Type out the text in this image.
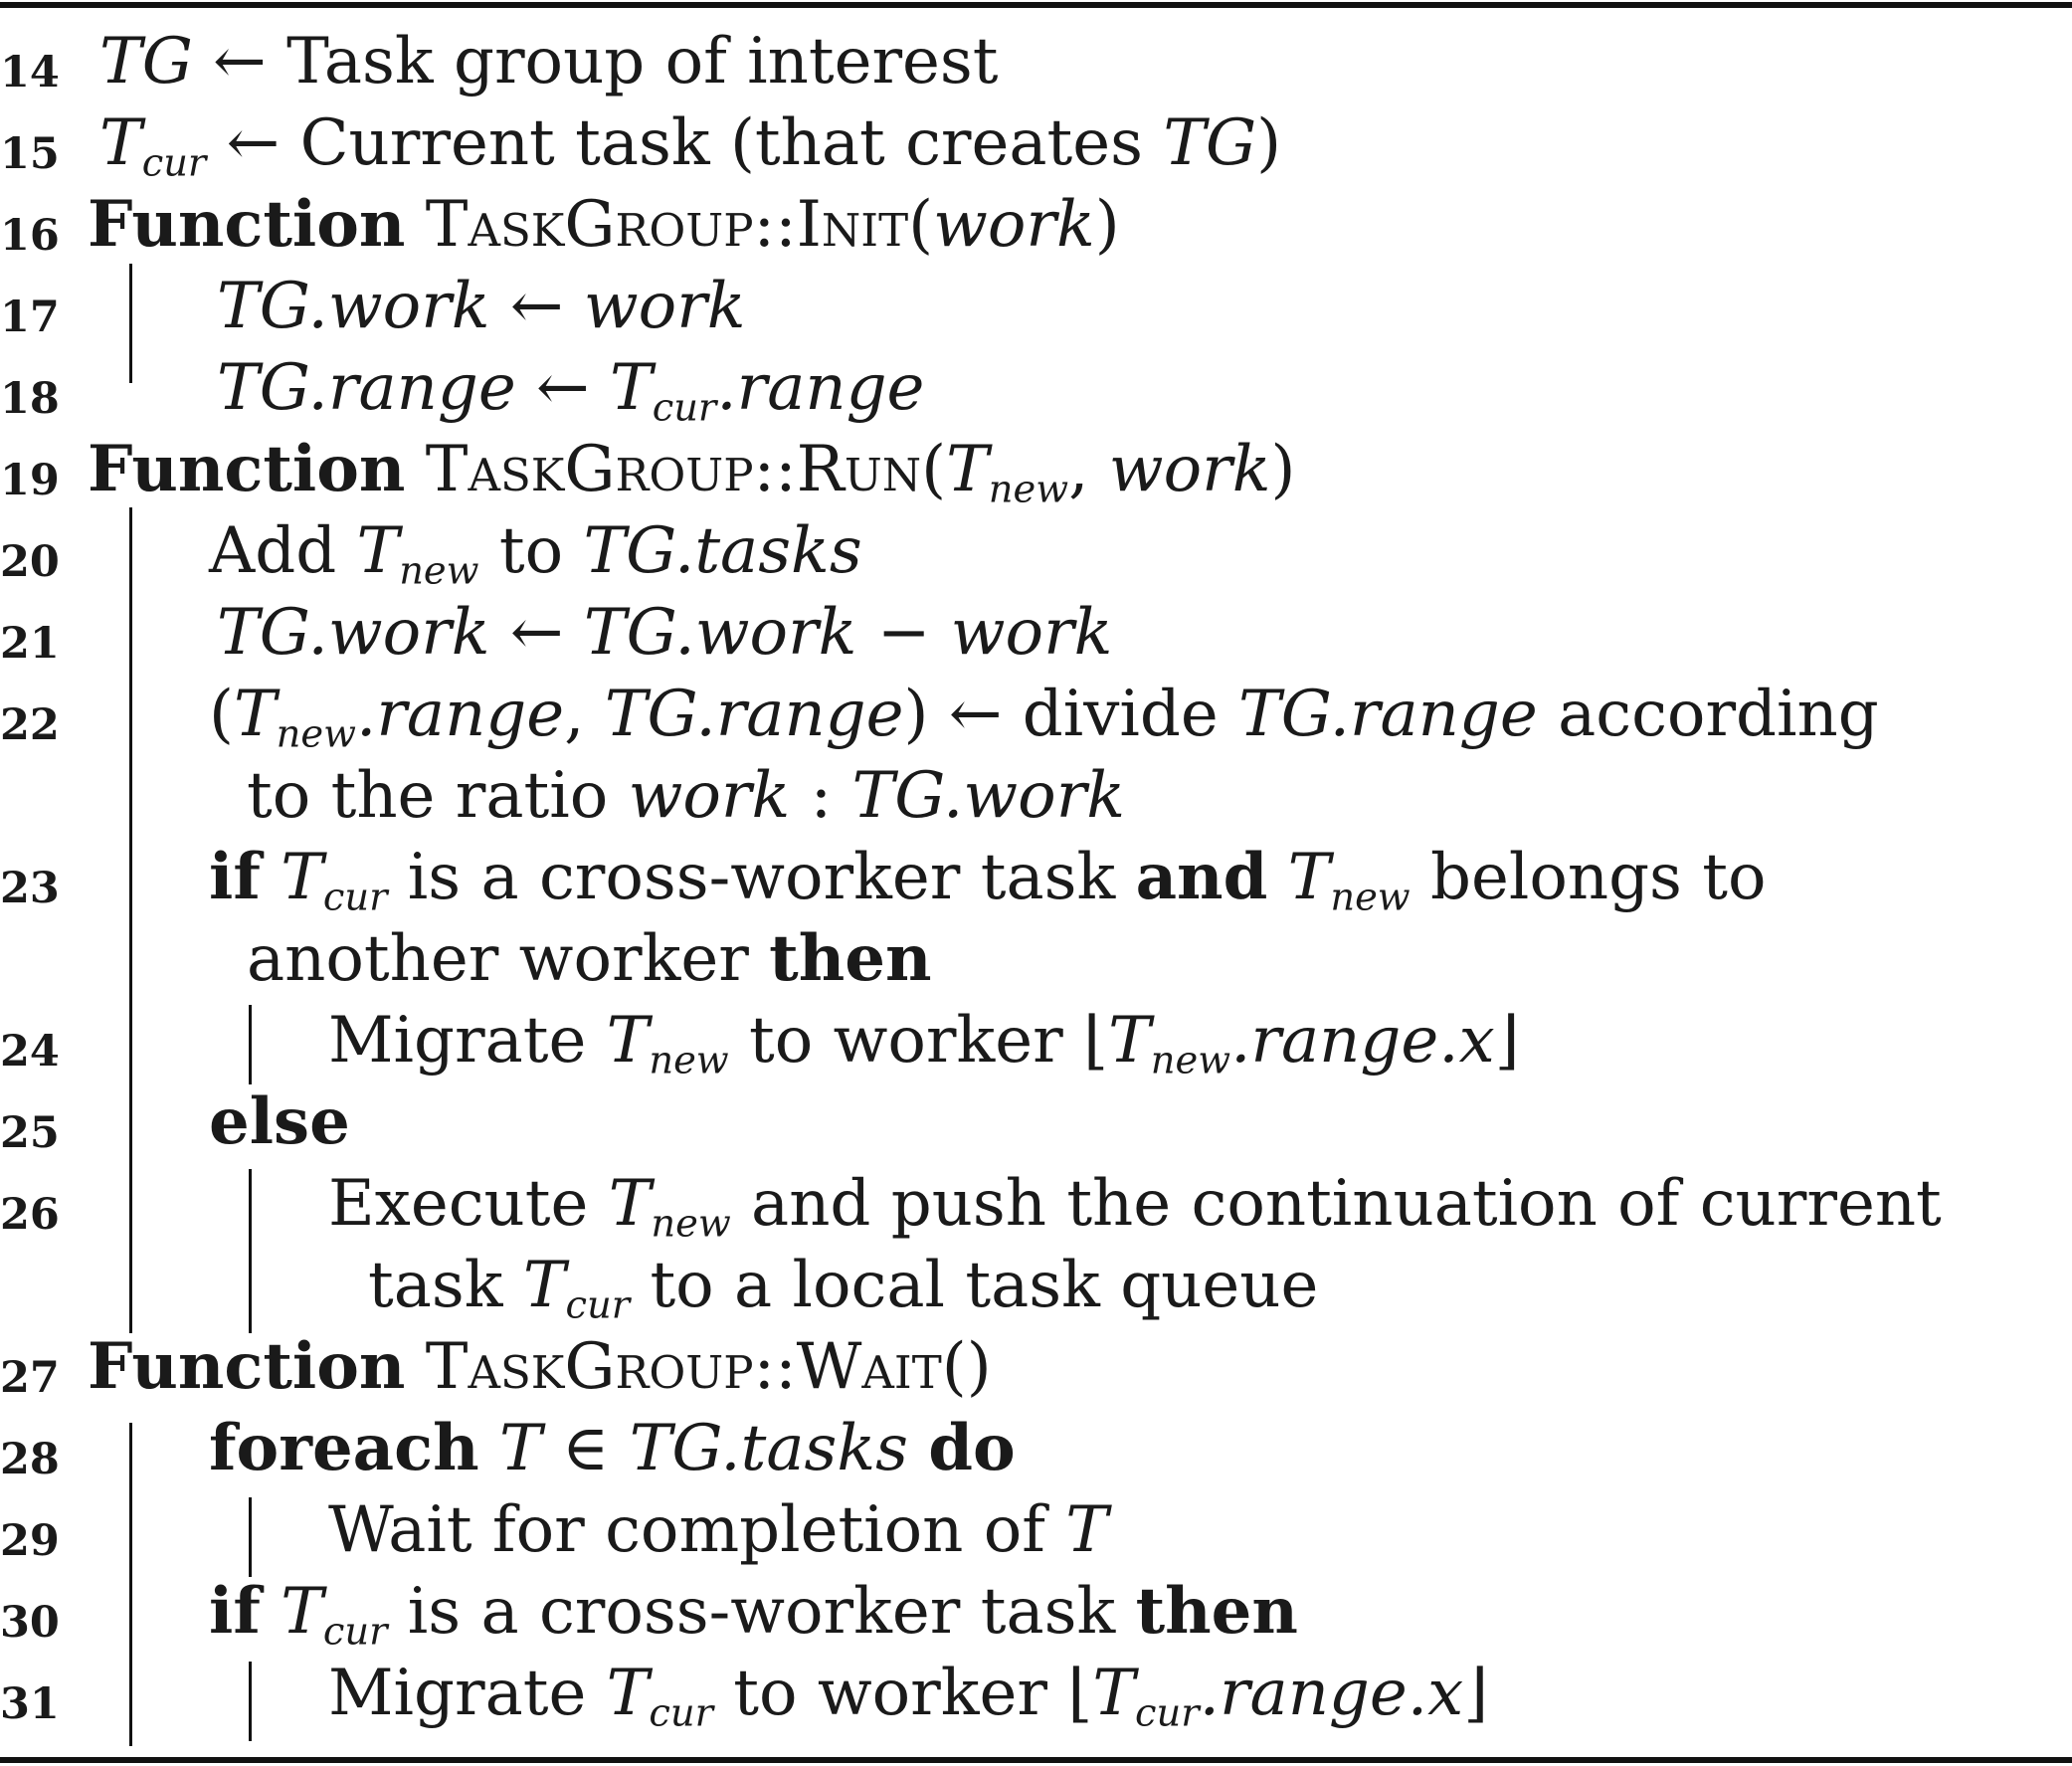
14 TG ← Task group of interest
15 $T_{cur}$ ← Current task (that creates TG)
16 Function TaskGroup::Init(work)
17 TG.work ← work
18 TG.range ← $T_{cur}.range$
19 Function $TaskGroup::Run(T_{new}$, work)
20 Add $T_{new}$ to TG.tasks
21 TG.work ← TG.work − work
22 ($T_{new}.range$, TG.range) ← divide TG.range according
to the ratio work : TG.work
23 if $T_{cur}$ is a cross-worker task and $T_{new}$ belongs to
another worker then
24	Migrate $T_{new}$ to worker $⌊T_{new}.range.x⌋$
25 else
26	Execute $T_{new}$ and push the continuation of current
task $T_{cur}$ to a local task queue
27 Function TaskGroup::Wait()
28 foreach T ∈ TG.tasks do
29	Wait for completion of T
30 if $T_{cur}$ is a cross-worker task then
31	Migrate $T_{cur}$ to worker $⌊T_{cur}.range.x⌋$
